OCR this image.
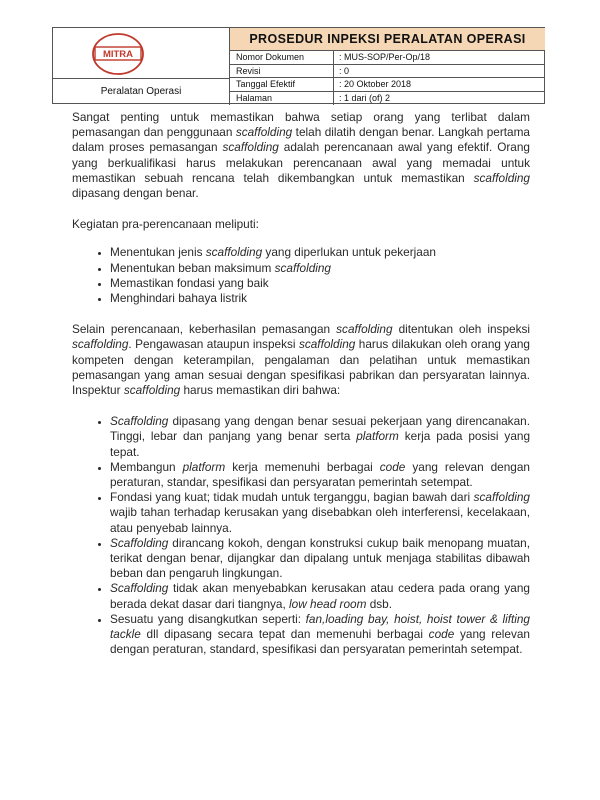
MITRA
Peralatan Operasi
PROSEDUR INPEKSI PERALATAN OPERASI
Nomor Dokumen	: MUS-SOP/Per-Op/18
Revisi	: 0
Tanggal Efektif	: 20 Oktober 2018
Halaman	: 1 dari (of) 2

Sangat penting untuk memastikan bahwa setiap orang yang terlibat dalam pemasangan dan penggunaan scaffolding telah dilatih dengan benar. Langkah pertama dalam proses pemasangan scaffolding adalah perencanaan awal yang efektif. Orang yang berkualifikasi harus melakukan perencanaan awal yang memadai untuk memastikan sebuah rencana telah dikembangkan untuk memastikan scaffolding dipasang dengan benar.

Kegiatan pra-perencanaan meliputi:

• Menentukan jenis scaffolding yang diperlukan untuk pekerjaan
• Menentukan beban maksimum scaffolding
• Memastikan fondasi yang baik
• Menghindari bahaya listrik

Selain perencanaan, keberhasilan pemasangan scaffolding ditentukan oleh inspeksi scaffolding. Pengawasan ataupun inspeksi scaffolding harus dilakukan oleh orang yang kompeten dengan keterampilan, pengalaman dan pelatihan untuk memastikan pemasangan yang aman sesuai dengan spesifikasi pabrikan dan persyaratan lainnya. Inspektur scaffolding harus memastikan diri bahwa:

• Scaffolding dipasang yang dengan benar sesuai pekerjaan yang direncanakan. Tinggi, lebar dan panjang yang benar serta platform kerja pada posisi yang tepat.
• Membangun platform kerja memenuhi berbagai code yang relevan dengan peraturan, standar, spesifikasi dan persyaratan pemerintah setempat.
• Fondasi yang kuat; tidak mudah untuk terganggu, bagian bawah dari scaffolding wajib tahan terhadap kerusakan yang disebabkan oleh interferensi, kecelakaan, atau penyebab lainnya.
• Scaffolding dirancang kokoh, dengan konstruksi cukup baik menopang muatan, terikat dengan benar, dijangkar dan dipalang untuk menjaga stabilitas dibawah beban dan pengaruh lingkungan.
• Scaffolding tidak akan menyebabkan kerusakan atau cedera pada orang yang berada dekat dasar dari tiangnya, low head room dsb.
• Sesuatu yang disangkutkan seperti: fan,loading bay, hoist, hoist tower & lifting tackle dll dipasang secara tepat dan memenuhi berbagai code yang relevan dengan peraturan, standard, spesifikasi dan persyaratan pemerintah setempat.
